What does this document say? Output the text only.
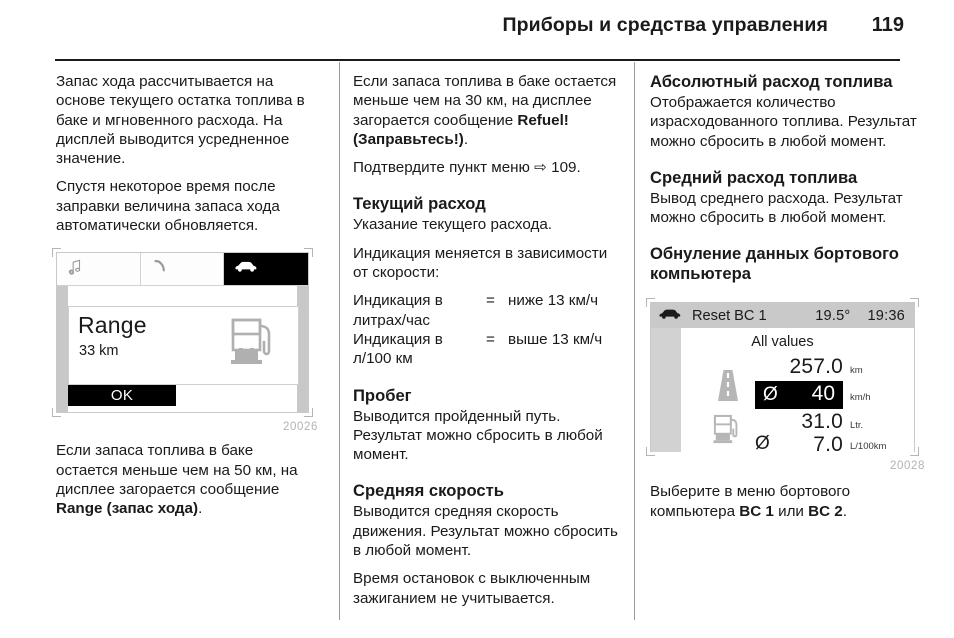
Приборы и средства управления	119

Запас хода рассчитывается на основе текущего остатка топлива в баке и мгновенного расхода. На дисплей выводится усредненное значение.

Спустя некоторое время после заправки величина запаса хода автоматически обновляется.

Range
33 km
OK
20026

Если запаса топлива в баке остается меньше чем на 50 км, на дисплее загорается сообщение Range (запас хода).

Если запаса топлива в баке остается меньше чем на 30 км, на дисплее загорается сообщение Refuel! (Заправьтесь!).

Подтвердите пункт меню ⇨ 109.

Текущий расход

Указание текущего расхода.

Индикация меняется в зависимости от скорости:

Индикация в	= ниже 13 км/ч
литрах/час
Индикация в	= выше 13 км/ч
л/100 км
Пробег

Выводится пройденный путь. Результат можно сбросить в любой момент.

Средняя скорость

Выводится средняя скорость движения. Результат можно сбросить в любой момент.

Время остановок с выключенным зажиганием не учитывается.

Абсолютный расход топлива

Отображается количество израсходованного топлива. Результат можно сбросить в любой момент.

Средний расход топлива

Вывод среднего расхода. Результат можно сбросить в любой момент.

Обнуление данных бортового компьютера
Reset BC 1	19.5° 19:36
All values
257.0 km
Ø 40 km/h
31.0 Ltr.
Ø 7.0 L/100km
20028

Выберите в меню бортового компьютера BC 1 или BC 2.
